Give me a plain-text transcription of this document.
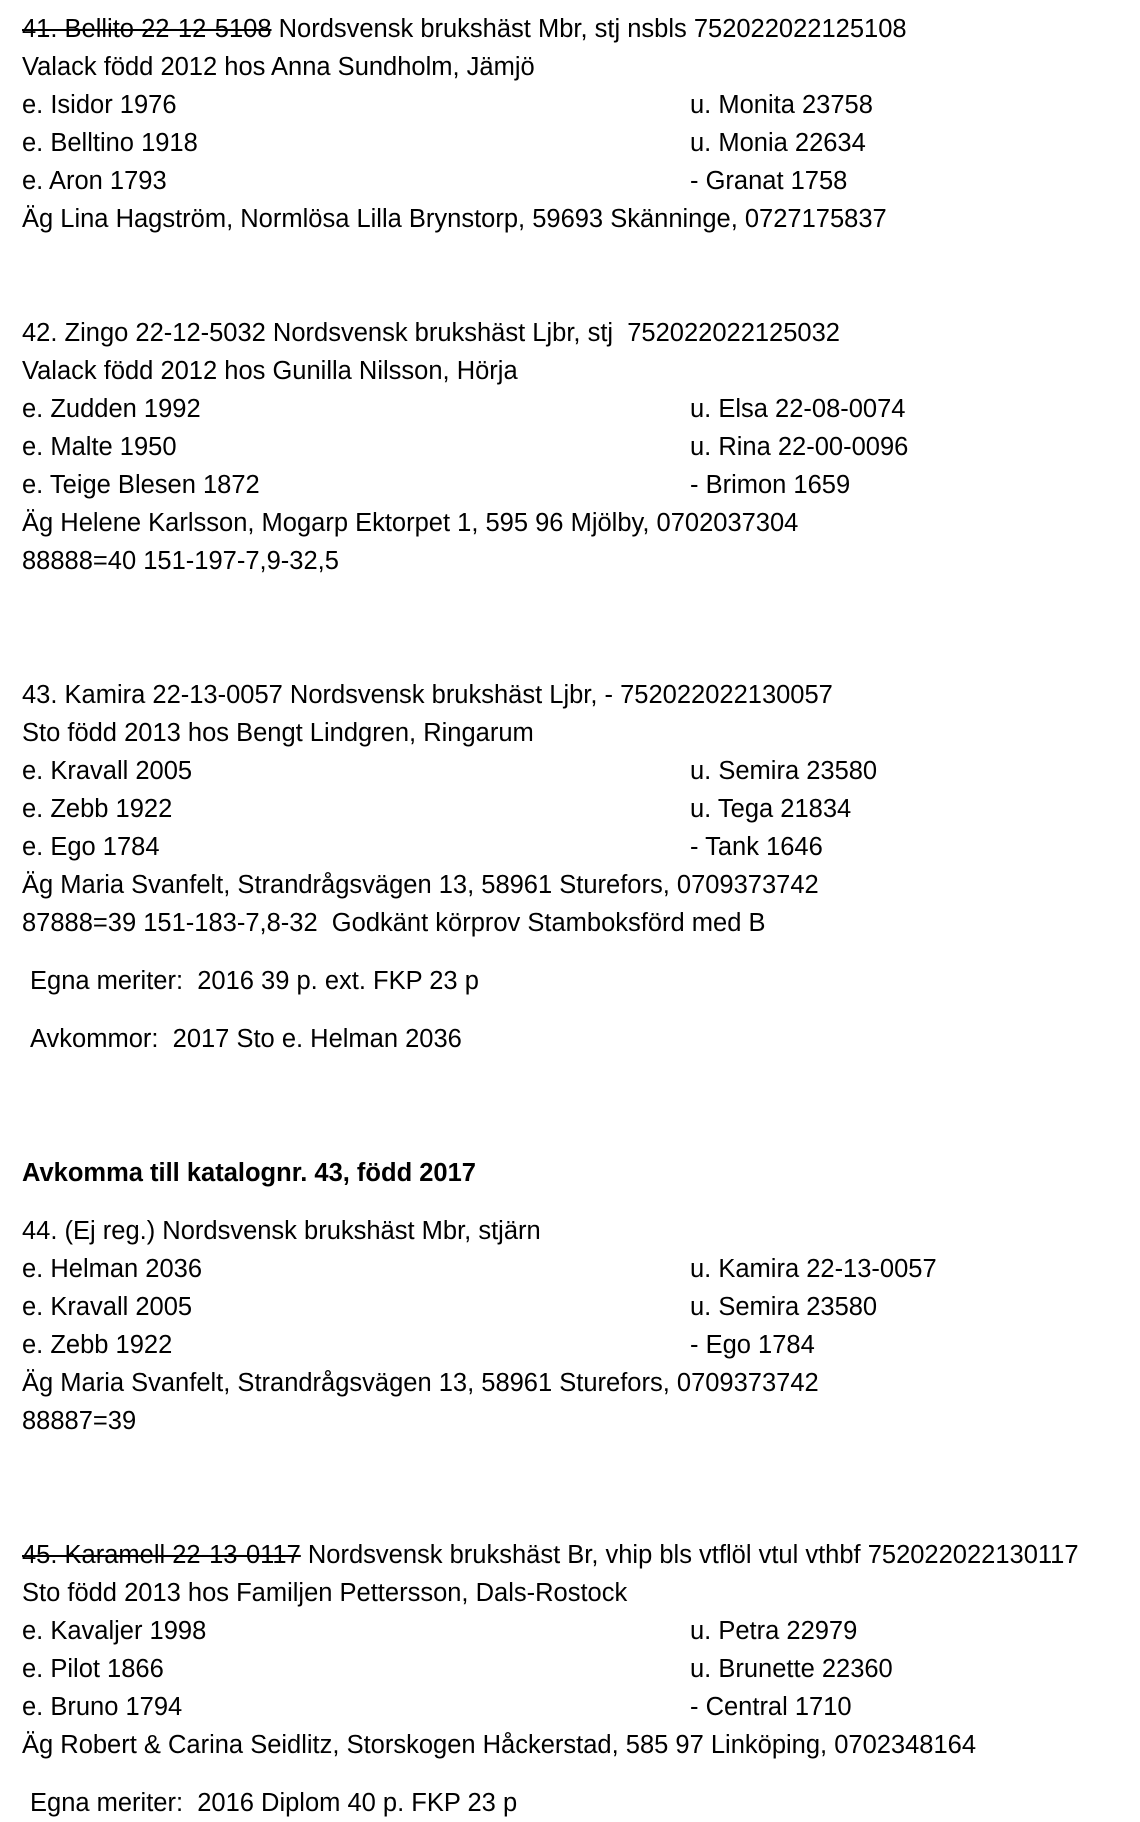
41. Bellito 22-12-5108 Nordsvensk brukshäst Mbr, stj nsbls 752022022125108
Valack född 2012 hos Anna Sundholm, Jämjö
e. Isidor 1976	u. Monita 23758
e. Belltino 1918	u. Monia 22634
e. Aron 1793	- Granat 1758
Äg Lina Hagström, Normlösa Lilla Brynstorp, 59693 Skänninge, 0727175837
42. Zingo 22-12-5032 Nordsvensk brukshäst Ljbr, stj  752022022125032
Valack född 2012 hos Gunilla Nilsson, Hörja
e. Zudden 1992	u. Elsa 22-08-0074
e. Malte 1950	u. Rina 22-00-0096
e. Teige Blesen 1872	- Brimon 1659
Äg Helene Karlsson, Mogarp Ektorpet 1, 595 96 Mjölby, 0702037304
88888=40 151-197-7,9-32,5
43. Kamira 22-13-0057 Nordsvensk brukshäst Ljbr, - 752022022130057
Sto född 2013 hos Bengt Lindgren, Ringarum
e. Kravall 2005	u. Semira 23580
e. Zebb 1922	u. Tega 21834
e. Ego 1784	- Tank 1646
Äg Maria Svanfelt, Strandrågsvägen 13, 58961 Sturefors, 0709373742
87888=39 151-183-7,8-32  Godkänt körprov Stamboksförd med B
Egna meriter:  2016 39 p. ext. FKP 23 p
Avkommor:  2017 Sto e. Helman 2036
Avkomma till katalognr. 43, född 2017
44. (Ej reg.) Nordsvensk brukshäst Mbr, stjärn
e. Helman 2036	u. Kamira 22-13-0057
e. Kravall 2005	u. Semira 23580
e. Zebb 1922	- Ego 1784
Äg Maria Svanfelt, Strandrågsvägen 13, 58961 Sturefors, 0709373742
88887=39
45. Karamell 22-13-0117 Nordsvensk brukshäst Br, vhip bls vtflöl vtul vthbf 752022022130117
Sto född 2013 hos Familjen Pettersson, Dals-Rostock
e. Kavaljer 1998	u. Petra 22979
e. Pilot 1866	u. Brunette 22360
e. Bruno 1794	- Central 1710
Äg Robert & Carina Seidlitz, Storskogen Håckerstad, 585 97 Linköping, 0702348164
Egna meriter:  2016 Diplom 40 p. FKP 23 p
